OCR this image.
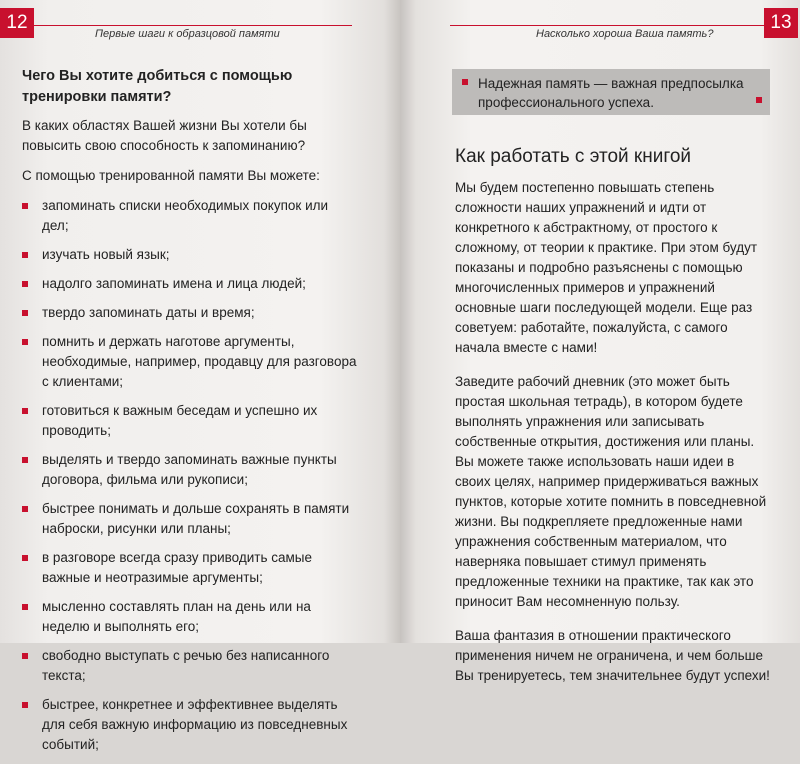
12
Первые шаги к образцовой памяти
Чего Вы хотите добиться с помощью тренировки памяти?
В каких областях Вашей жизни Вы хотели бы повысить свою способность к запоминанию?
С помощью тренированной памяти Вы можете:
запоминать списки необходимых покупок или дел;
изучать новый язык;
надолго запоминать имена и лица людей;
твердо запоминать даты и время;
помнить и держать наготове аргументы, необходимые, например, продавцу для разговора с клиентами;
готовиться к важным беседам и успешно их проводить;
выделять и твердо запоминать важные пункты договора, фильма или рукописи;
быстрее понимать и дольше сохранять в памяти наброски, рисунки или планы;
в разговоре всегда сразу приводить самые важные и неотразимые аргументы;
мысленно составлять план на день или на неделю и выполнять его;
свободно выступать с речью без написанного текста;
быстрее, конкретнее и эффективнее выделять для себя важную информацию из повседневных событий;
13
Насколько хороша Ваша память?
Надежная память — важная предпосылка профессионального успеха.
Как работать с этой книгой
Мы будем постепенно повышать степень сложности наших упражнений и идти от конкретного к абстрактному, от простого к сложному, от теории к практике. При этом будут показаны и подробно разъяснены с помощью многочисленных примеров и упражнений основные шаги последующей модели. Еще раз советуем: работайте, пожалуйста, с самого начала вместе с нами!
Заведите рабочий дневник (это может быть простая школьная тетрадь), в котором будете выполнять упражнения или записывать собственные открытия, достижения или планы. Вы можете также использовать наши идеи в своих целях, например придерживаться важных пунктов, которые хотите помнить в повседневной жизни. Вы подкрепляете предложенные нами упражнения собственным материалом, что наверняка повышает стимул применять предложенные техники на практике, так как это приносит Вам несомненную пользу.
Ваша фантазия в отношении практического применения ничем не ограничена, и чем больше Вы тренируетесь, тем значительнее будут успехи!
